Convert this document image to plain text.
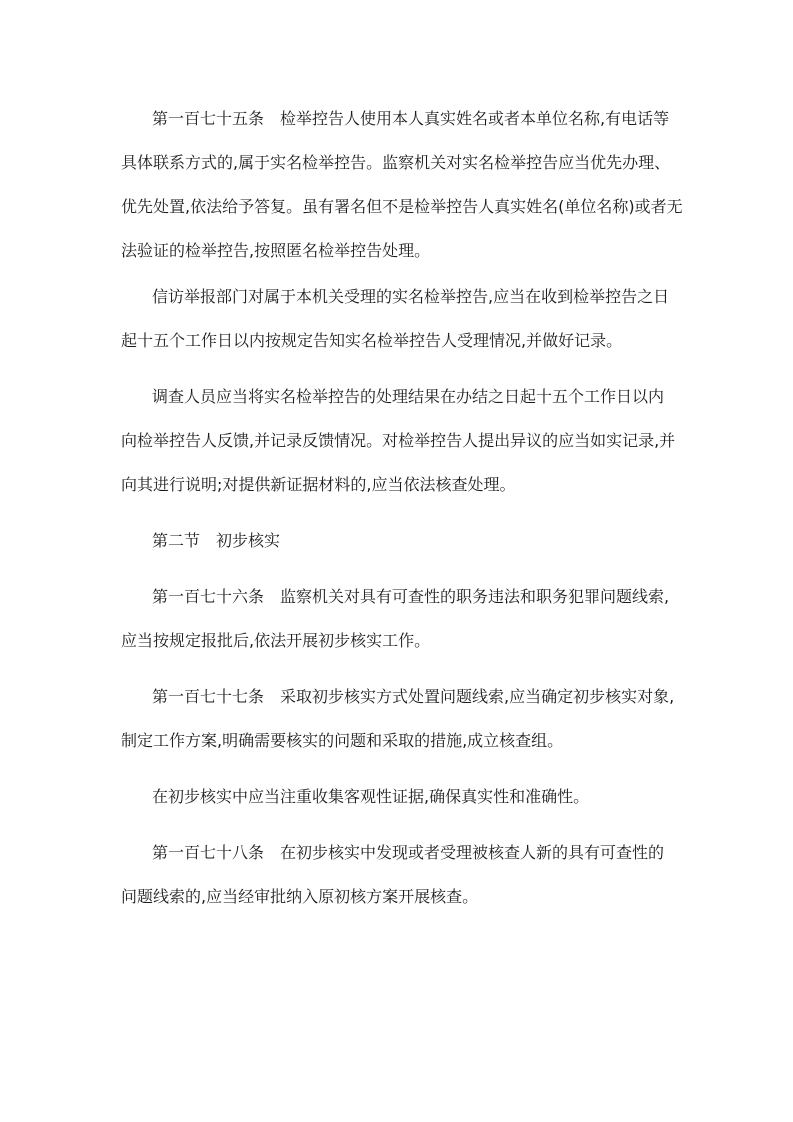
第一百七十五条 检举控告人使用本人真实姓名或者本单位名称,有电话等

具体联系方式的,属于实名检举控告。监察机关对实名检举控告应当优先办理、

优先处置,依法给予答复。虽有署名但不是检举控告人真实姓名(单位名称)或者无

法验证的检举控告,按照匿名检举控告处理。

信访举报部门对属于本机关受理的实名检举控告,应当在收到检举控告之日

起十五个工作日以内按规定告知实名检举控告人受理情况,并做好记录。

调查人员应当将实名检举控告的处理结果在办结之日起十五个工作日以内

向检举控告人反馈,并记录反馈情况。对检举控告人提出异议的应当如实记录,并

向其进行说明;对提供新证据材料的,应当依法核查处理。

第二节 初步核实

第一百七十六条 监察机关对具有可查性的职务违法和职务犯罪问题线索,

应当按规定报批后,依法开展初步核实工作。

第一百七十七条 采取初步核实方式处置问题线索,应当确定初步核实对象,

制定工作方案,明确需要核实的问题和采取的措施,成立核查组。

在初步核实中应当注重收集客观性证据,确保真实性和准确性。

第一百七十八条 在初步核实中发现或者受理被核查人新的具有可查性的

问题线索的,应当经审批纳入原初核方案开展核查。
